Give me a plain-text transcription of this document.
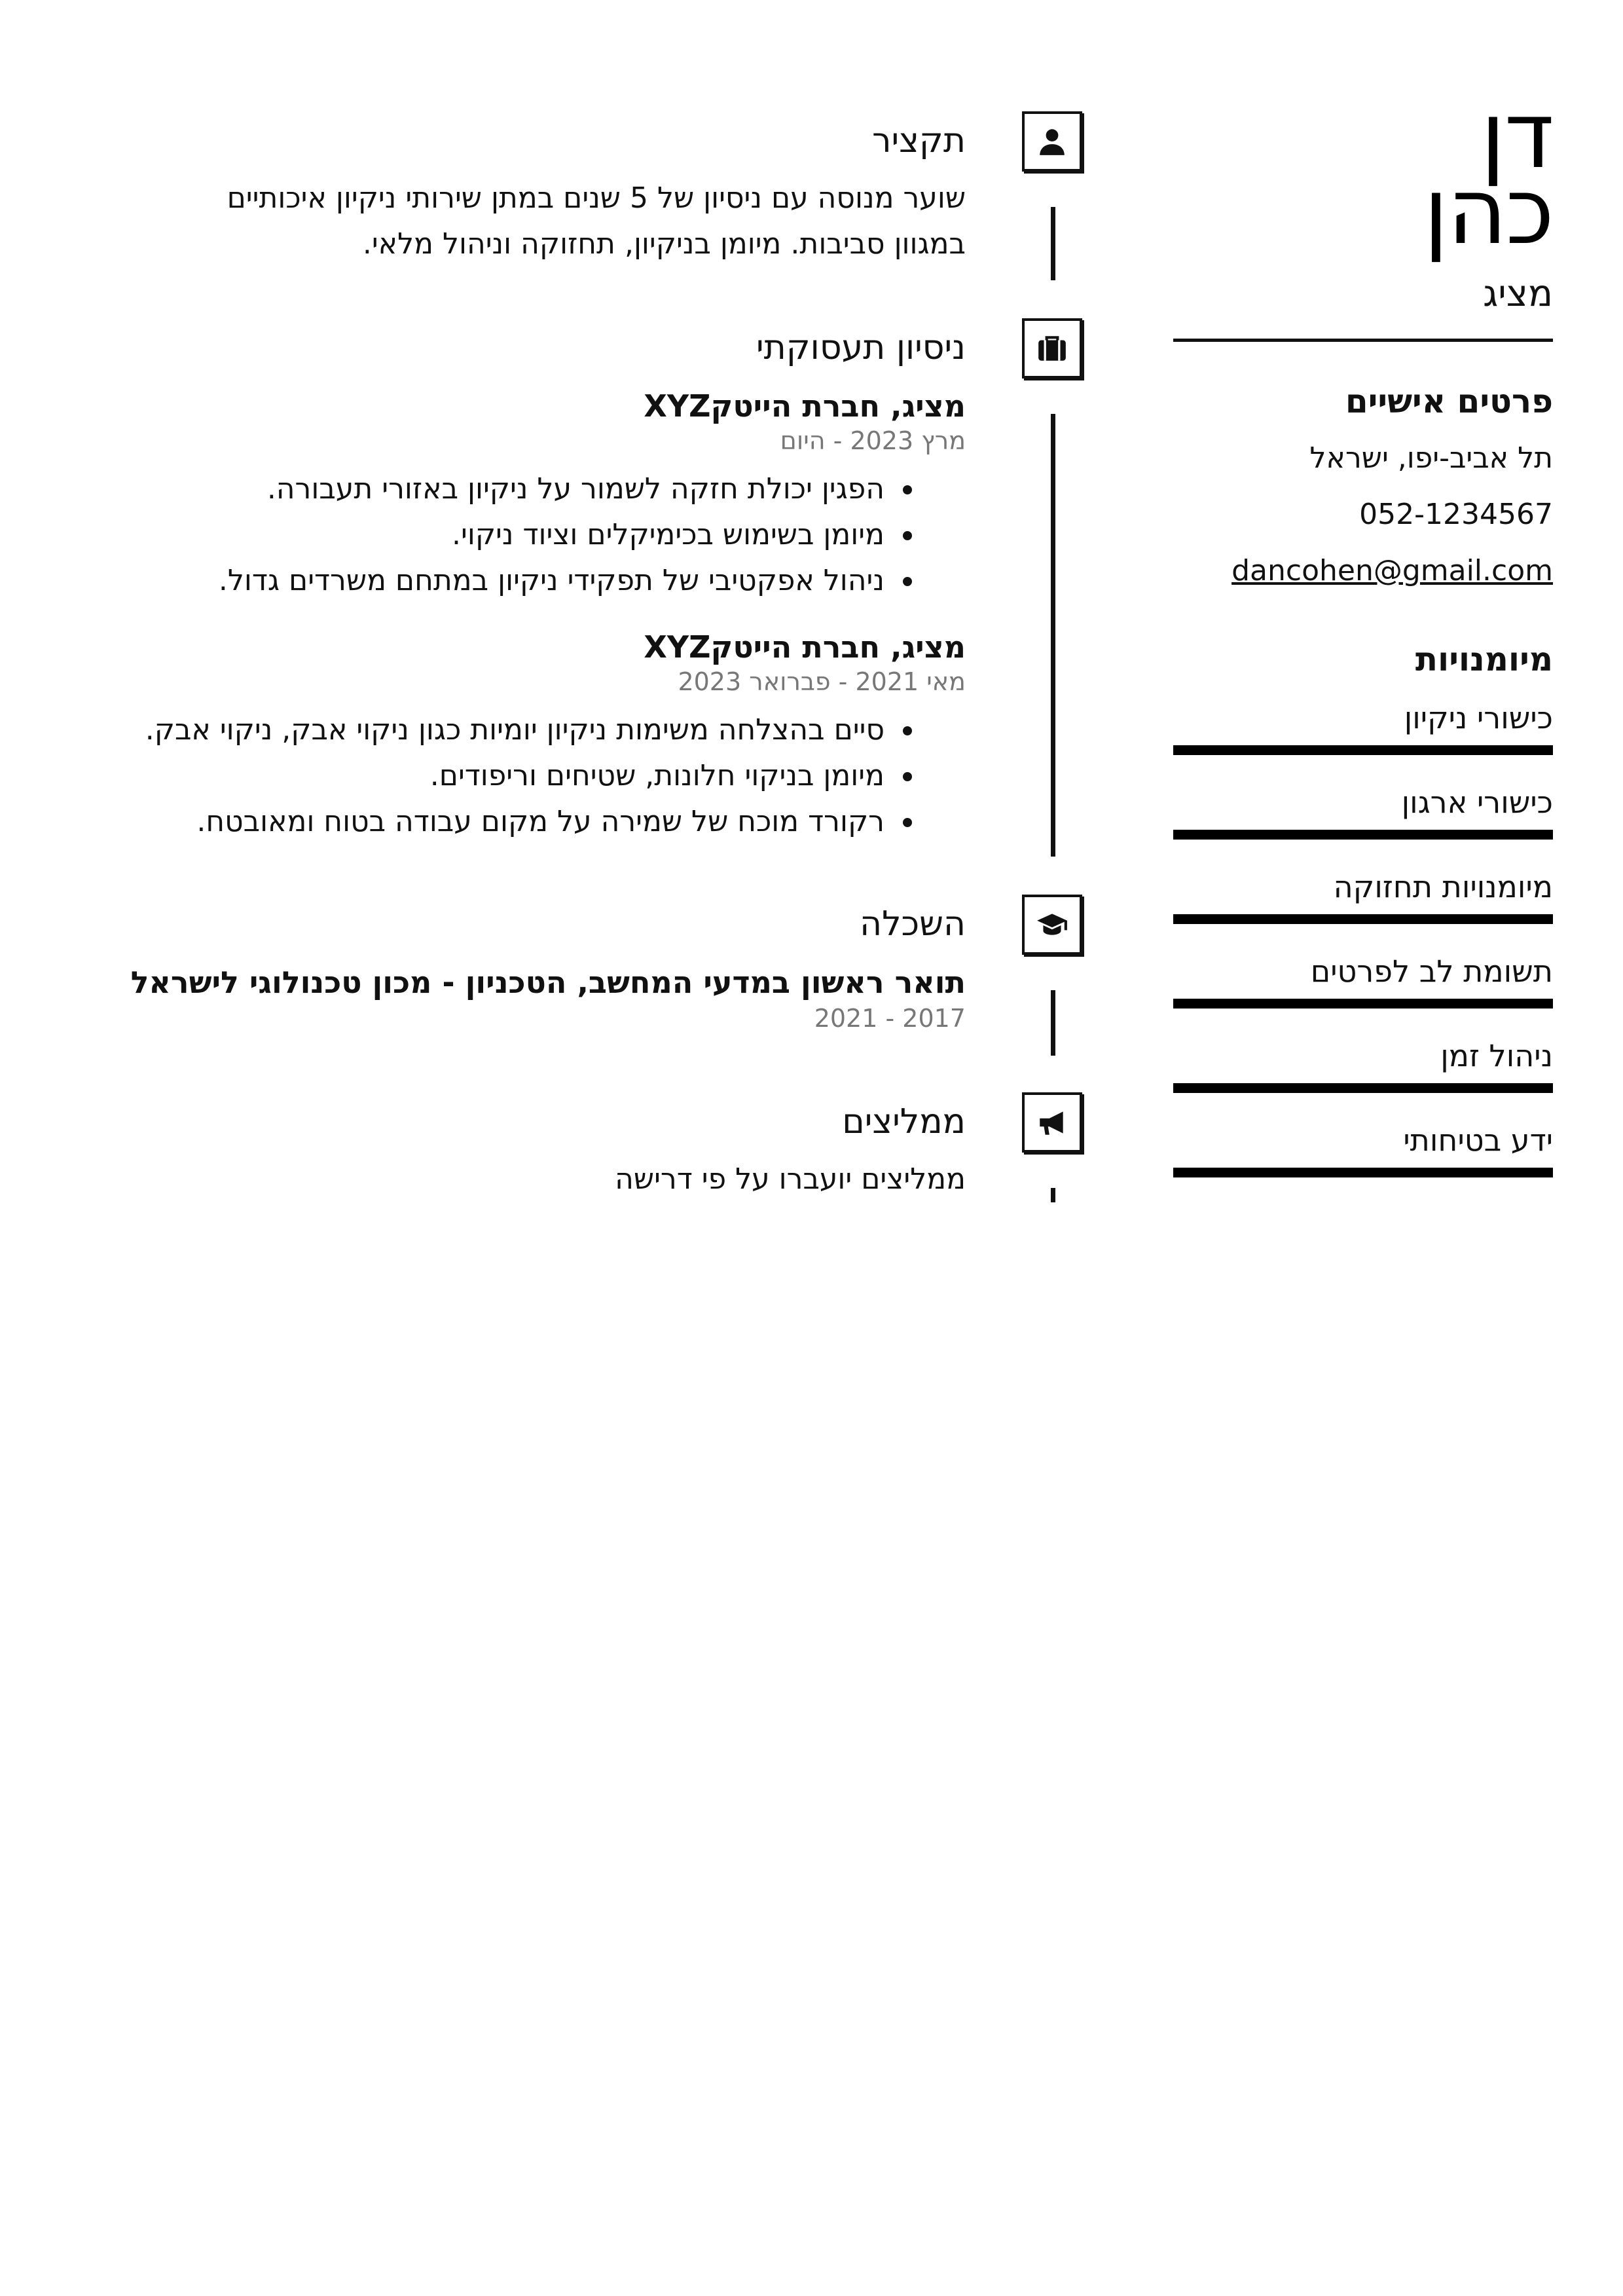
דן
כהן
מציג
פרטים אישיים
תל אביב-יפו, ישראל
052-1234567
dancohen@gmail.com
מיומנויות
כישורי ניקיון
כישורי ארגון
מיומנויות תחזוקה
תשומת לב לפרטים
ניהול זמן
ידע בטיחותי
תקציר
שוער מנוסה עם ניסיון של 5 שנים במתן שירותי ניקיון איכותיים במגוון סביבות. מיומן בניקיון, תחזוקה וניהול מלאי.
ניסיון תעסוקתי
מציג, חברת הייטקXYZ
מרץ 2023 - היום
הפגין יכולת חזקה לשמור על ניקיון באזורי תעבורה.
מיומן בשימוש בכימיקלים וציוד ניקוי.
ניהול אפקטיבי של תפקידי ניקיון במתחם משרדים גדול.
מציג, חברת הייטקXYZ
מאי 2021 - פברואר 2023
סיים בהצלחה משימות ניקיון יומיות כגון ניקוי אבק, ניקוי אבק.
מיומן בניקוי חלונות, שטיחים וריפודים.
רקורד מוכח של שמירה על מקום עבודה בטוח ומאובטח.
השכלה
תואר ראשון במדעי המחשב, הטכניון - מכון טכנולוגי לישראל
2017 - 2021
ממליצים
ממליצים יועברו על פי דרישה
